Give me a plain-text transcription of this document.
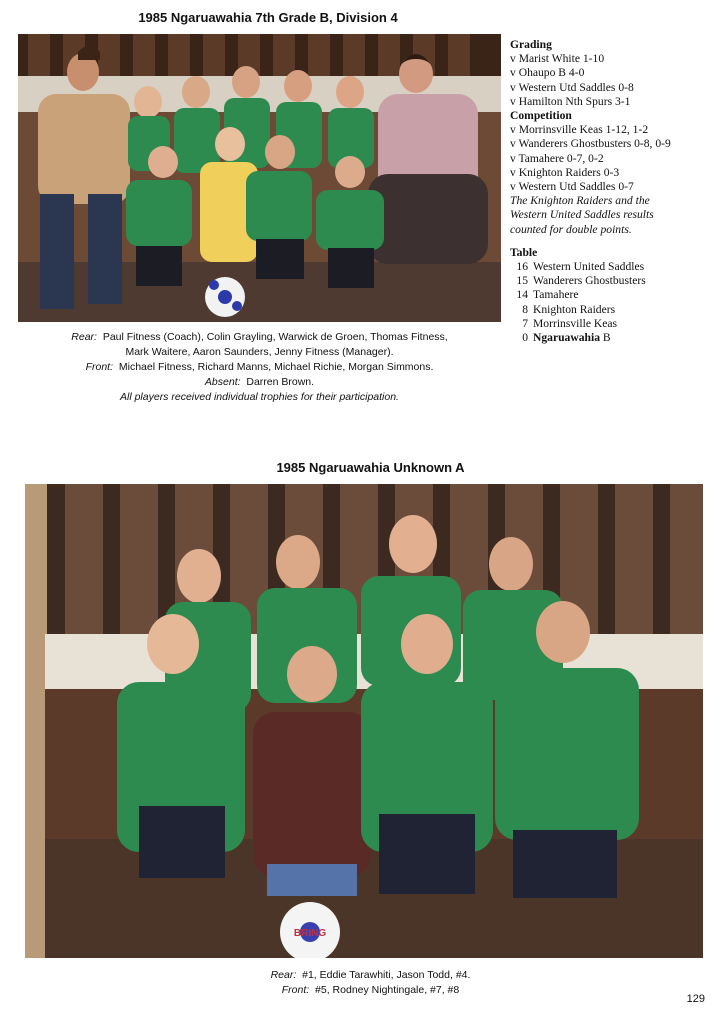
1985 Ngaruawahia 7th Grade B, Division 4
Rear: Paul Fitness (Coach), Colin Grayling, Warwick de Groen, Thomas Fitness,
Mark Waitere, Aaron Saunders, Jenny Fitness (Manager).
Front: Michael Fitness, Richard Manns, Michael Richie, Morgan Simmons.
Absent: Darren Brown.
All players received individual trophies for their participation.
Grading
v Marist White 1-10
v Ohaupo B 4-0
v Western Utd Saddles 0-8
v Hamilton Nth Spurs 3-1
Competition
v Morrinsville Keas 1-12, 1-2
v Wanderers Ghostbusters 0-8, 0-9
v Tamahere 0-7, 0-2
v Knighton Raiders 0-3
v Western Utd Saddles 0-7
The Knighton Raiders and the
Western United Saddles results
counted for double points.
Table
16 Western United Saddles
15 Wanderers Ghostbusters
14 Tamahere
8 Knighton Raiders
7 Morrinsville Keas
0 Ngaruawahia B
1985 Ngaruawahia Unknown A
BRING
Rear: #1, Eddie Tarawhiti, Jason Todd, #4.
Front: #5, Rodney Nightingale, #7, #8
129
